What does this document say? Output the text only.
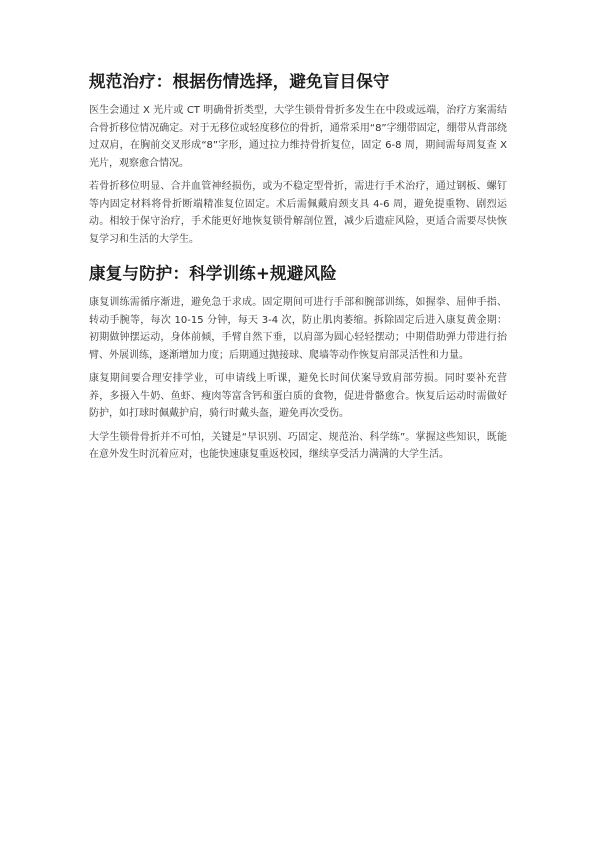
规范治疗：根据伤情选择，避免盲目保守

医生会通过 X 光片或 CT 明确骨折类型，大学生锁骨骨折多发生在中段或远端，治疗方案需结合骨折移位情况确定。对于无移位或轻度移位的骨折，通常采用“8”字绷带固定，绷带从背部绕过双肩，在胸前交叉形成“8”字形，通过拉力维持骨折复位，固定 6-8 周，期间需每周复查 X 光片，观察愈合情况。

若骨折移位明显、合并血管神经损伤，或为不稳定型骨折，需进行手术治疗，通过钢板、螺钉等内固定材料将骨折断端精准复位固定。术后需佩戴肩颈支具 4-6 周，避免提重物、剧烈运动。相较于保守治疗，手术能更好地恢复锁骨解剖位置，减少后遗症风险，更适合需要尽快恢复学习和生活的大学生。

康复与防护：科学训练+规避风险

康复训练需循序渐进，避免急于求成。固定期间可进行手部和腕部训练，如握拳、屈伸手指、转动手腕等，每次 10-15 分钟，每天 3-4 次，防止肌肉萎缩。拆除固定后进入康复黄金期：初期做钟摆运动，身体前倾，手臂自然下垂，以肩部为圆心轻轻摆动；中期借助弹力带进行抬臂、外展训练，逐渐增加力度；后期通过抛接球、爬墙等动作恢复肩部灵活性和力量。

康复期间要合理安排学业，可申请线上听课，避免长时间伏案导致肩部劳损。同时要补充营养，多摄入牛奶、鱼虾、瘦肉等富含钙和蛋白质的食物，促进骨骼愈合。恢复后运动时需做好防护，如打球时佩戴护肩，骑行时戴头盔，避免再次受伤。

大学生锁骨骨折并不可怕，关键是“早识别、巧固定、规范治、科学练”。掌握这些知识，既能在意外发生时沉着应对，也能快速康复重返校园，继续享受活力满满的大学生活。
